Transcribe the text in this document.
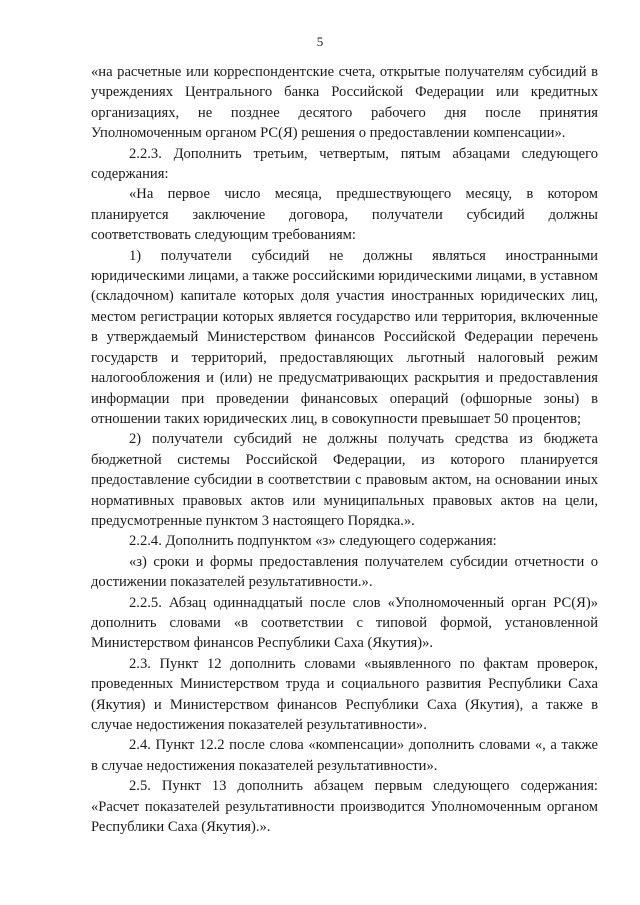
5

«на расчетные или корреспондентские счета, открытые получателям субсидий в учреждениях Центрального банка Российской Федерации или кредитных организациях, не позднее десятого рабочего дня после принятия Уполномоченным органом РС(Я) решения о предоставлении компенсации».

2.2.3. Дополнить третьим, четвертым, пятым абзацами следующего содержания:

«На первое число месяца, предшествующего месяцу, в котором планируется заключение договора, получатели субсидий должны соответствовать следующим требованиям:

1) получатели субсидий не должны являться иностранными юридическими лицами, а также российскими юридическими лицами, в уставном (складочном) капитале которых доля участия иностранных юридических лиц, местом регистрации которых является государство или территория, включенные в утверждаемый Министерством финансов Российской Федерации перечень государств и территорий, предоставляющих льготный налоговый режим налогообложения и (или) не предусматривающих раскрытия и предоставления информации при проведении финансовых операций (офшорные зоны) в отношении таких юридических лиц, в совокупности превышает 50 процентов;

2) получатели субсидий не должны получать средства из бюджета бюджетной системы Российской Федерации, из которого планируется предоставление субсидии в соответствии с правовым актом, на основании иных нормативных правовых актов или муниципальных правовых актов на цели, предусмотренные пунктом 3 настоящего Порядка.».

2.2.4. Дополнить подпунктом «з» следующего содержания:

«з) сроки и формы предоставления получателем субсидии отчетности о достижении показателей результативности.».

2.2.5. Абзац одиннадцатый после слов «Уполномоченный орган РС(Я)» дополнить словами «в соответствии с типовой формой, установленной Министерством финансов Республики Саха (Якутия)».

2.3. Пункт 12 дополнить словами «выявленного по фактам проверок, проведенных Министерством труда и социального развития Республики Саха (Якутия) и Министерством финансов Республики Саха (Якутия), а также в случае недостижения показателей результативности».

2.4. Пункт 12.2 после слова «компенсации» дополнить словами «, а также в случае недостижения показателей результативности».

2.5. Пункт 13 дополнить абзацем первым следующего содержания: «Расчет показателей результативности производится Уполномоченным органом Республики Саха (Якутия).».
